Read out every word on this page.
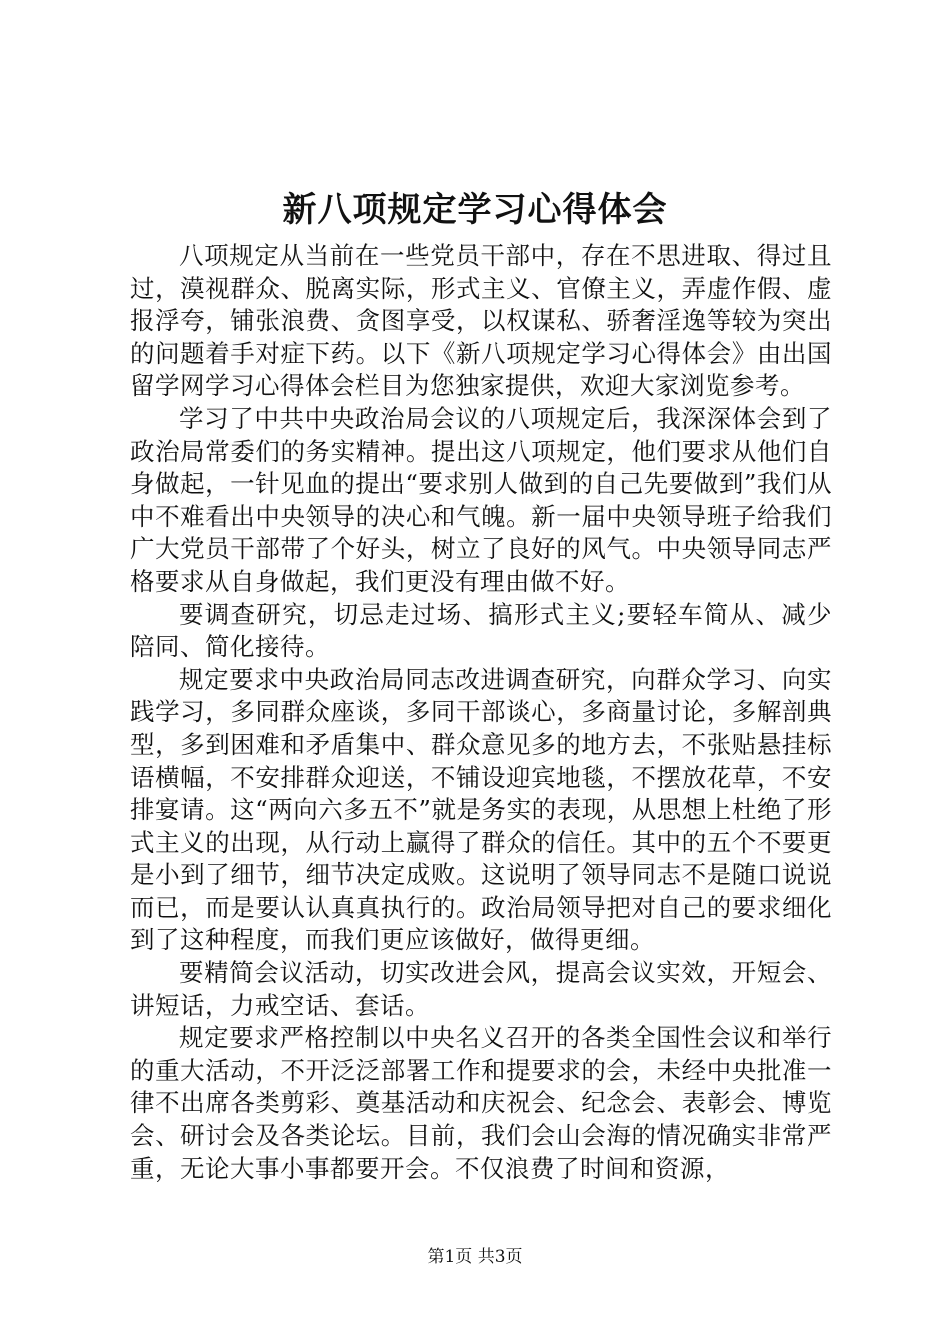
新八项规定学习心得体会

八项规定从当前在一些党员干部中，存在不思进取、得过且过，漠视群众、脱离实际，形式主义、官僚主义，弄虚作假、虚报浮夸，铺张浪费、贪图享受，以权谋私、骄奢淫逸等较为突出的问题着手对症下药。以下《新八项规定学习心得体会》由出国留学网学习心得体会栏目为您独家提供，欢迎大家浏览参考。

学习了中共中央政治局会议的八项规定后，我深深体会到了政治局常委们的务实精神。提出这八项规定，他们要求从他们自身做起，一针见血的提出“要求别人做到的自己先要做到”我们从中不难看出中央领导的决心和气魄。新一届中央领导班子给我们广大党员干部带了个好头，树立了良好的风气。中央领导同志严格要求从自身做起，我们更没有理由做不好。

要调查研究，切忌走过场、搞形式主义;要轻车简从、减少陪同、简化接待。

规定要求中央政治局同志改进调查研究，向群众学习、向实践学习，多同群众座谈，多同干部谈心，多商量讨论，多解剖典型，多到困难和矛盾集中、群众意见多的地方去，不张贴悬挂标语横幅，不安排群众迎送，不铺设迎宾地毯，不摆放花草，不安排宴请。这“两向六多五不”就是务实的表现，从思想上杜绝了形式主义的出现，从行动上赢得了群众的信任。其中的五个不要更是小到了细节，细节决定成败。这说明了领导同志不是随口说说而已，而是要认认真真执行的。政治局领导把对自己的要求细化到了这种程度，而我们更应该做好，做得更细。

要精简会议活动，切实改进会风，提高会议实效，开短会、讲短话，力戒空话、套话。

规定要求严格控制以中央名义召开的各类全国性会议和举行的重大活动，不开泛泛部署工作和提要求的会，未经中央批准一律不出席各类剪彩、奠基活动和庆祝会、纪念会、表彰会、博览会、研讨会及各类论坛。目前，我们会山会海的情况确实非常严重，无论大事小事都要开会。不仅浪费了时间和资源，

第1页 共3页
